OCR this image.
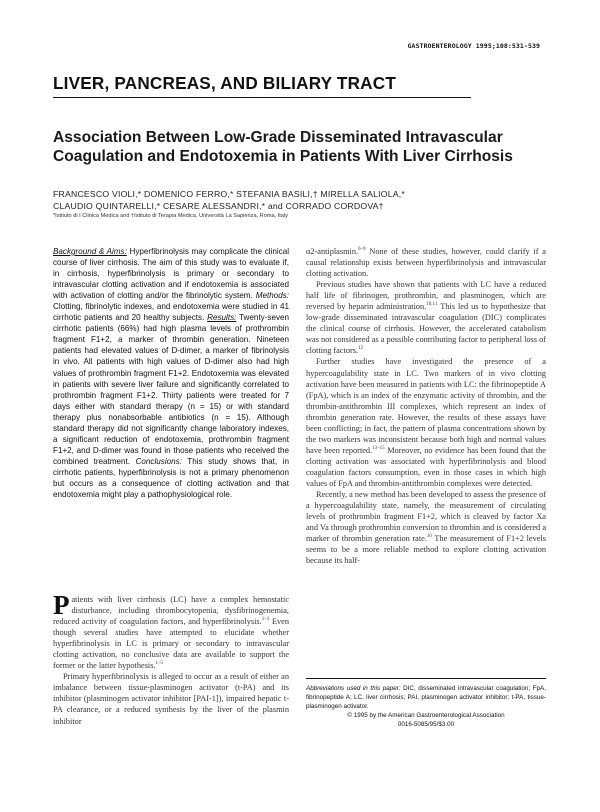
GASTROENTEROLOGY 1995;108:531-539
LIVER, PANCREAS, AND BILIARY TRACT
Association Between Low-Grade Disseminated Intravascular
Coagulation and Endotoxemia in Patients With Liver Cirrhosis
FRANCESCO VIOLI,* DOMENICO FERRO,* STEFANIA BASILI,† MIRELLA SALIOLA,*
CLAUDIO QUINTARELLI,* CESARE ALESSANDRI,* and CORRADO CORDOVA†
*Istituto di I Clinica Medica and †Istituto di Terapia Medica, Università La Sapienza, Roma, Italy
Background & Aims: Hyperfibrinolysis may complicate the clinical course of liver cirrhosis. The aim of this study was to evaluate if, in cirrhosis, hyperfibrinolysis is primary or secondary to intravascular clotting activation and if endotoxemia is associated with activation of clotting and/or the fibrinolytic system. Methods: Clotting, fibrinolytic indexes, and endotoxemia were studied in 41 cirrhotic patients and 20 healthy subjects. Results: Twenty-seven cirrhotic patients (66%) had high plasma levels of prothrombin fragment F1+2, a marker of thrombin generation. Nineteen patients had elevated values of D-dimer, a marker of fibrinolysis in vivo. All patients with high values of D-dimer also had high values of prothrombin fragment F1+2. Endotoxemia was elevated in patients with severe liver failure and significantly correlated to prothrombin fragment F1+2. Thirty patients were treated for 7 days either with standard therapy (n = 15) or with standard therapy plus nonabsorbable antibiotics (n = 15). Although standard therapy did not significantly change laboratory indexes, a significant reduction of endotoxemia, prothrombin fragment F1+2, and D-dimer was found in those patients who received the combined treatment. Conclusions: This study shows that, in cirrhotic patients, hyperfibrinolysis is not a primary phenomenon but occurs as a consequence of clotting activation and that endotoxemia might play a pathophysiological role.

Patients with liver cirrhosis (LC) have a complex hemostatic disturbance, including thrombocytopenia, dysfibrinogenemia, reduced activity of coagulation factors, and hyperfibrinolysis.$^{1-3}$ Even though several studies have attempted to elucidate whether hyperfibrinolysis in LC is primary or secondary to intravascular clotting activation, no conclusive data are available to support the former or the latter hypothesis.$^{1-5}$

Primary hyperfibrinolysis is alleged to occur as a result of either an imbalance between tissue-plasminogen activator (t-PA) and its inhibitor (plasminogen activator inhibitor [PAI-1]), impaired hepatic t-PA clearance, or a reduced synthesis by the liver of the plasmin inhibitor

α2-antiplasmin.$^{6-9}$ None of these studies, however, could clarify if a causal relationship exists between hyperfibrinolysis and intravascular clotting activation.

Previous studies have shown that patients with LC have a reduced half life of fibrinogen, prothrombin, and plasminogen, which are reversed by heparin administration.$^{10,11}$ This led us to hypothesize that low-grade disseminated intravascular coagulation (DIC) complicates the clinical course of cirrhosis. However, the accelerated catabolism was not considered as a possible contributing factor to peripheral loss of clotting factors.$^{12}$

Further studies have investigated the presence of a hypercoagulability state in LC. Two markers of in vivo clotting activation have been measured in patients with LC: the fibrinopeptide A (FpA), which is an index of the enzymatic activity of thrombin, and the thrombin-antithrombin III complexes, which represent an index of thrombin generation rate. However, the results of these assays have been conflicting; in fact, the pattern of plasma concentrations shown by the two markers was inconsistent because both high and normal values have been reported.$^{13-15}$ Moreover, no evidence has been found that the clotting activation was associated with hyperfibrinolysis and blood coagulation factors consumption, even in those cases in which high values of FpA and thrombin-antithrombin complexes were detected.

Recently, a new method has been developed to assess the presence of a hypercoagulability state, namely, the measurement of circulating levels of prothrombin fragment F1+2, which is cleaved by factor Xa and Va through prothrombin conversion to thrombin and is considered a marker of thrombin generation rate.$^{16}$ The measurement of F1+2 levels seems to be a more reliable method to explore clotting activation because its half-

Abbreviations used in this paper: DIC, disseminated intravascular coagulation; FpA, fibrinopeptide A; LC, liver cirrhosis; PAI, plasminogen activator inhibitor; t-PA, tissue-plasminogen activator.
© 1995 by the American Gastroenterological Association
0016-5085/95/$3.00
